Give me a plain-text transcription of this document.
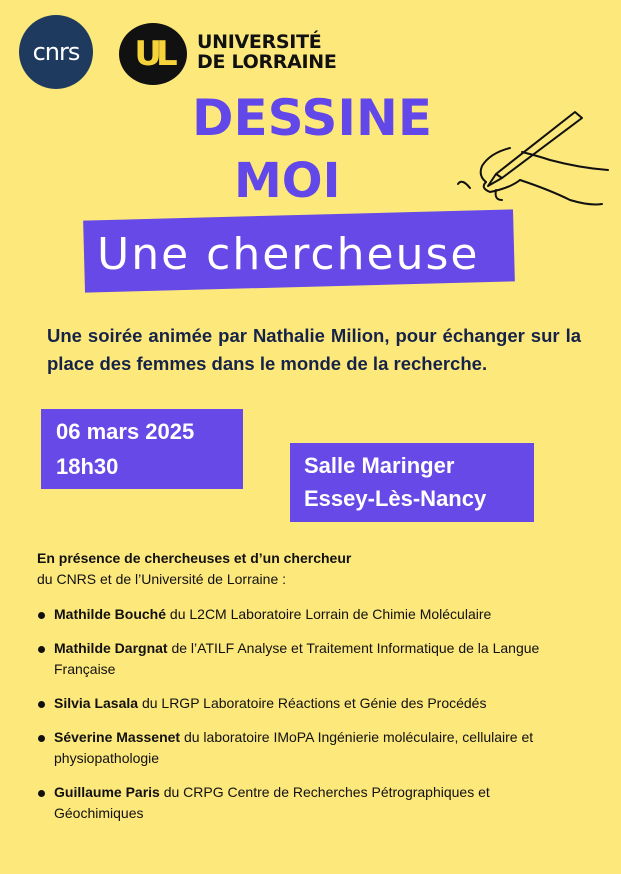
cnrs UL UNIVERSITÉ
DE LORRAINE
DESSINE
MOI
Une chercheuse
Une soirée animée par Nathalie Milion, pour échanger sur la place des femmes dans le monde de la recherche.
06 mars 2025
18h30	Salle Maringer
Essey-Lès-Nancy
En présence de chercheuses et d’un chercheur
du CNRS et de l’Université de Lorraine :
Mathilde Bouché du L2CM Laboratoire Lorrain de Chimie Moléculaire
Mathilde Dargnat de l’ATILF Analyse et Traitement Informatique de la Langue Française
Silvia Lasala du LRGP Laboratoire Réactions et Génie des Procédés
Séverine Massenet du laboratoire IMoPA Ingénierie moléculaire, cellulaire et physiopathologie
Guillaume Paris du CRPG Centre de Recherches Pétrographiques et Géochimiques
